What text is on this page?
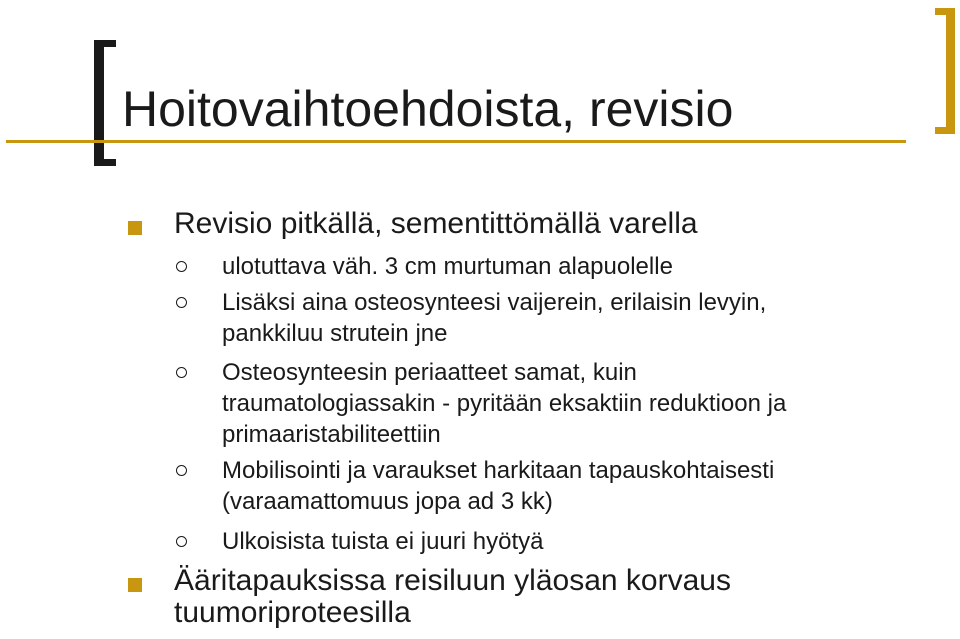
Hoitovaihtoehdoista, revisio
Revisio pitkällä, sementittömällä varella
ulotuttava väh. 3 cm murtuman alapuolelle
Lisäksi aina osteosynteesi vaijerein, erilaisin levyin,
pankkiluu strutein jne
Osteosynteesin periaatteet samat, kuin
traumatologiassakin - pyritään eksaktiin reduktioon ja
primaaristabiliteettiin
Mobilisointi ja varaukset harkitaan tapauskohtaisesti
(varaamattomuus jopa ad 3 kk)
Ulkoisista tuista ei juuri hyötyä
Ääritapauksissa reisiluun yläosan korvaus
tuumoriproteesilla
